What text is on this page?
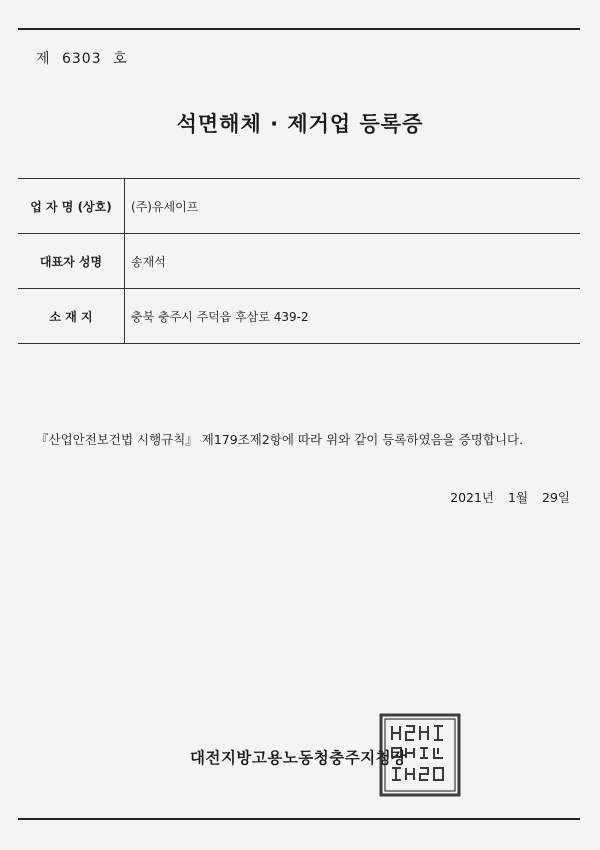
제 6303 호
석면해체 · 제거업 등록증
업 자 명 (상호)	(주)유세이프
대표자 성명	송재석
소 재 지	충북 충주시 주덕읍 후삼로 439-2
『산업안전보건법 시행규칙』 제179조제2항에 따라 위와 같이 등록하였음을 증명합니다.
2021년 1월 29일
대전지방고용노동청충주지청장
